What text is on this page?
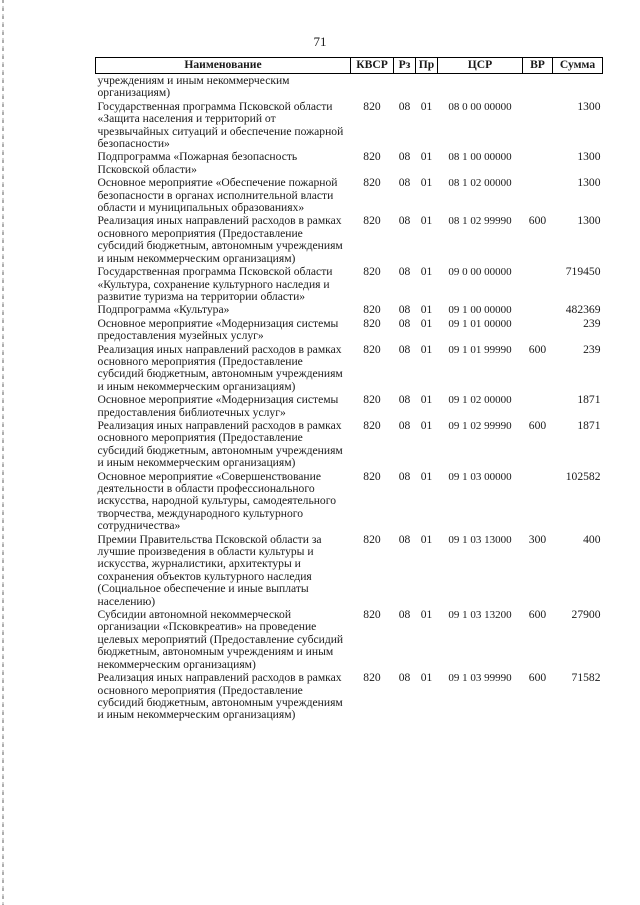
71
Наименование	КВСР	Рз	Пр	ЦСР	ВР	Сумма
учреждениям и иным некоммерческим организациям)						
Государственная программа Псковской области «Защита населения и территорий от чрезвычайных ситуаций и обеспечение пожарной безопасности»	820	08	01	08 0 00 00000		1300
Подпрограмма «Пожарная безопасность Псковской области»	820	08	01	08 1 00 00000		1300
Основное мероприятие «Обеспечение пожарной безопасности в органах исполнительной власти области и муниципальных образованиях»	820	08	01	08 1 02 00000		1300
Реализация иных направлений расходов в рамках основного мероприятия (Предоставление субсидий бюджетным, автономным учреждениям и иным некоммерческим организациям)	820	08	01	08 1 02 99990	600	1300
Государственная программа Псковской области «Культура, сохранение культурного наследия и развитие туризма на территории области»	820	08	01	09 0 00 00000		719450
Подпрограмма «Культура»	820	08	01	09 1 00 00000		482369
Основное мероприятие «Модернизация системы предоставления музейных услуг»	820	08	01	09 1 01 00000		239
Реализация иных направлений расходов в рамках основного мероприятия (Предоставление субсидий бюджетным, автономным учреждениям и иным некоммерческим организациям)	820	08	01	09 1 01 99990	600	239
Основное мероприятие «Модернизация системы предоставления библиотечных услуг»	820	08	01	09 1 02 00000		1871
Реализация иных направлений расходов в рамках основного мероприятия (Предоставление субсидий бюджетным, автономным учреждениям и иным некоммерческим организациям)	820	08	01	09 1 02 99990	600	1871
Основное мероприятие «Совершенствование деятельности в области профессионального искусства, народной культуры, самодеятельного творчества, международного культурного сотрудничества»	820	08	01	09 1 03 00000		102582
Премии Правительства Псковской области за лучшие произведения в области культуры и искусства, журналистики, архитектуры и сохранения объектов культурного наследия (Социальное обеспечение и иные выплаты населению)	820	08	01	09 1 03 13000	300	400
Субсидии автономной некоммерческой организации «Псковкреатив» на проведение целевых мероприятий (Предоставление субсидий бюджетным, автономным учреждениям и иным некоммерческим организациям)	820	08	01	09 1 03 13200	600	27900
Реализация иных направлений расходов в рамках основного мероприятия (Предоставление субсидий бюджетным, автономным учреждениям и иным некоммерческим организациям)	820	08	01	09 1 03 99990	600	71582
